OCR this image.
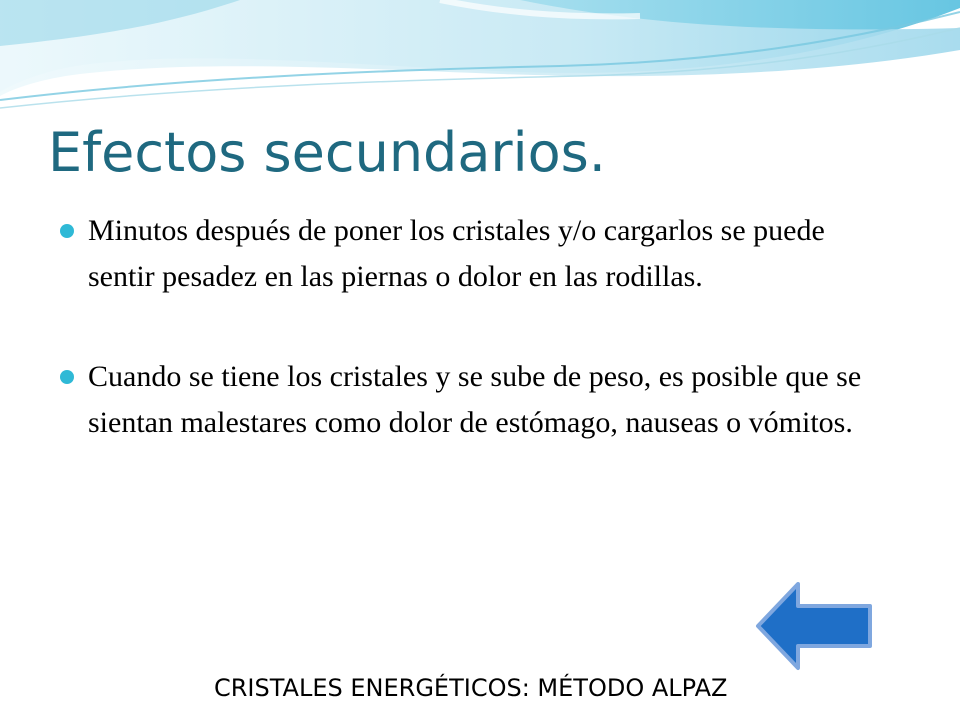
Efectos secundarios.
Minutos después de poner los cristales y/o cargarlos se puede sentir pesadez en las piernas o dolor en las rodillas.
Cuando se tiene los cristales y se sube de peso, es posible que se sientan malestares como dolor de estómago, nauseas o vómitos.
CRISTALES ENERGÉTICOS: MÉTODO ALPAZ
